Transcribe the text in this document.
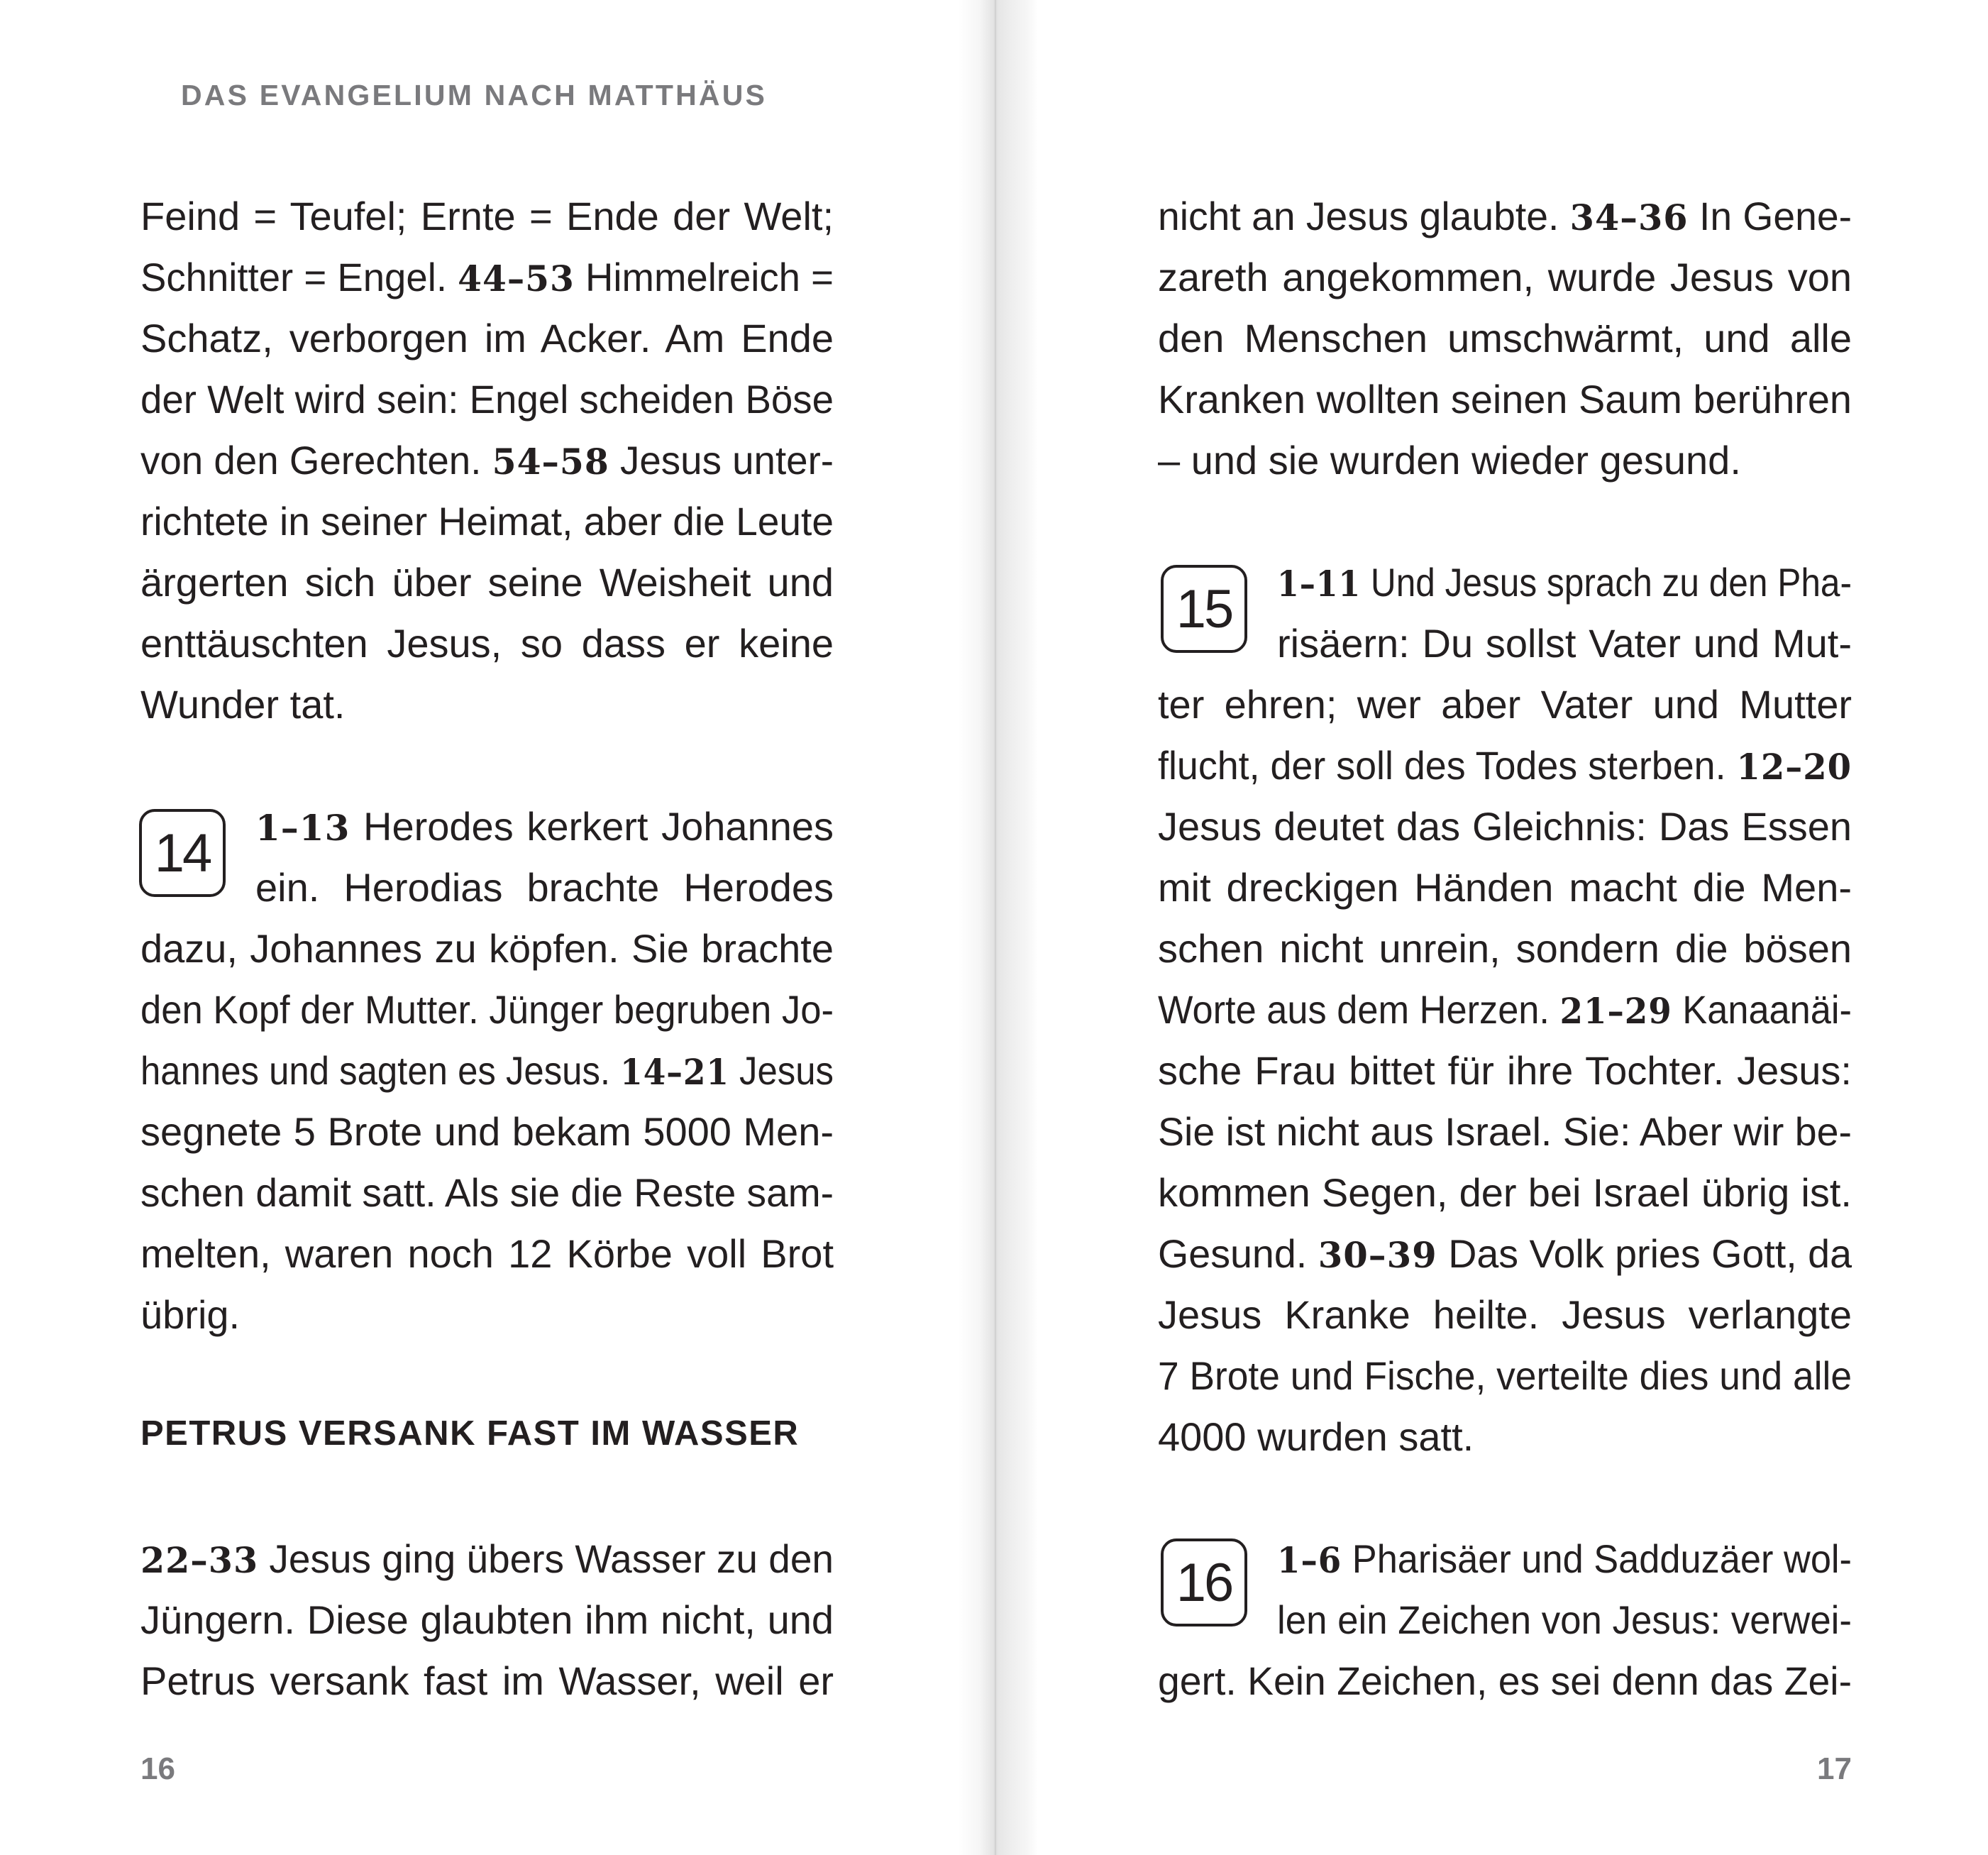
DAS EVANGELIUM NACH MATTHÄUS
Feind = Teufel; Ernte = Ende der Welt;
Schnitter = Engel. 44–53 Himmelreich =
Schatz, verborgen im Acker. Am Ende
der Welt wird sein: Engel scheiden Böse
von den Gerechten. 54–58 Jesus unter-
richtete in seiner Heimat, aber die Leute
ärgerten sich über seine Weisheit und
enttäuschten Jesus, so dass er keine
Wunder tat.
14	1–13 Herodes kerkert Johannes
ein. Herodias brachte Herodes
dazu, Johannes zu köpfen. Sie brachte
den Kopf der Mutter. Jünger begruben Jo-
hannes und sagten es Jesus. 14–21 Jesus
segnete 5 Brote und bekam 5000 Men-
schen damit satt. Als sie die Reste sam-
melten, waren noch 12 Körbe voll Brot
übrig.
PETRUS VERSANK FAST IM WASSER
22–33 Jesus ging übers Wasser zu den
Jüngern. Diese glaubten ihm nicht, und
Petrus versank fast im Wasser, weil er
16
nicht an Jesus glaubte. 34–36 In Gene-
zareth angekommen, wurde Jesus von
den Menschen umschwärmt, und alle
Kranken wollten seinen Saum berühren
– und sie wurden wieder gesund.
15	1–11 Und Jesus sprach zu den Pha-
risäern: Du sollst Vater und Mut-
ter ehren; wer aber Vater und Mutter
flucht, der soll des Todes sterben. 12–20
Jesus deutet das Gleichnis: Das Essen
mit dreckigen Händen macht die Men-
schen nicht unrein, sondern die bösen
Worte aus dem Herzen. 21–29 Kanaanäi-
sche Frau bittet für ihre Tochter. Jesus:
Sie ist nicht aus Israel. Sie: Aber wir be-
kommen Segen, der bei Israel übrig ist.
Gesund. 30–39 Das Volk pries Gott, da
Jesus Kranke heilte. Jesus verlangte
7 Brote und Fische, verteilte dies und alle
4000 wurden satt.
16	1–6 Pharisäer und Sadduzäer wol-
len ein Zeichen von Jesus: verwei-
gert. Kein Zeichen, es sei denn das Zei-
17
